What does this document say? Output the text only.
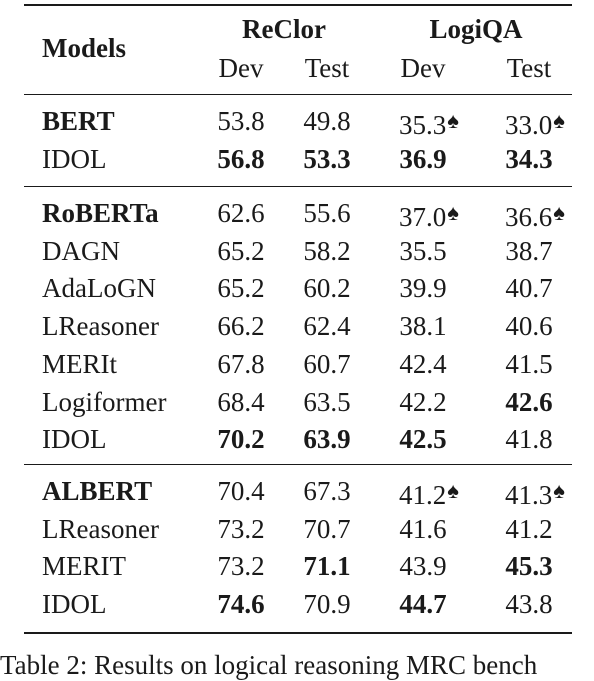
Models
ReClor	LogiQA
Dev Test Dev Test
BERT	53.8 49.8 35.3♠ 33.0♠
IDOL	56.8 53.3 36.9 34.3
RoBERTa 62.6 55.6 37.0♠ 36.6♠
DAGN	65.2 58.2 35.5 38.7
AdaLoGN 65.2 60.2 39.9 40.7
LReasoner 66.2 62.4 38.1 40.6
MERIt	67.8 60.7 42.4 41.5
Logiformer 68.4 63.5 42.2 42.6
IDOL	70.2 63.9 42.5 41.8
ALBERT 70.4 67.3 41.2♠ 41.3♠
LReasoner 73.2 70.7 41.6 41.2
MERIT	73.2 71.1 43.9 45.3
IDOL	74.6 70.9 44.7 43.8
Table 2: Results on logical reasoning MRC bench
